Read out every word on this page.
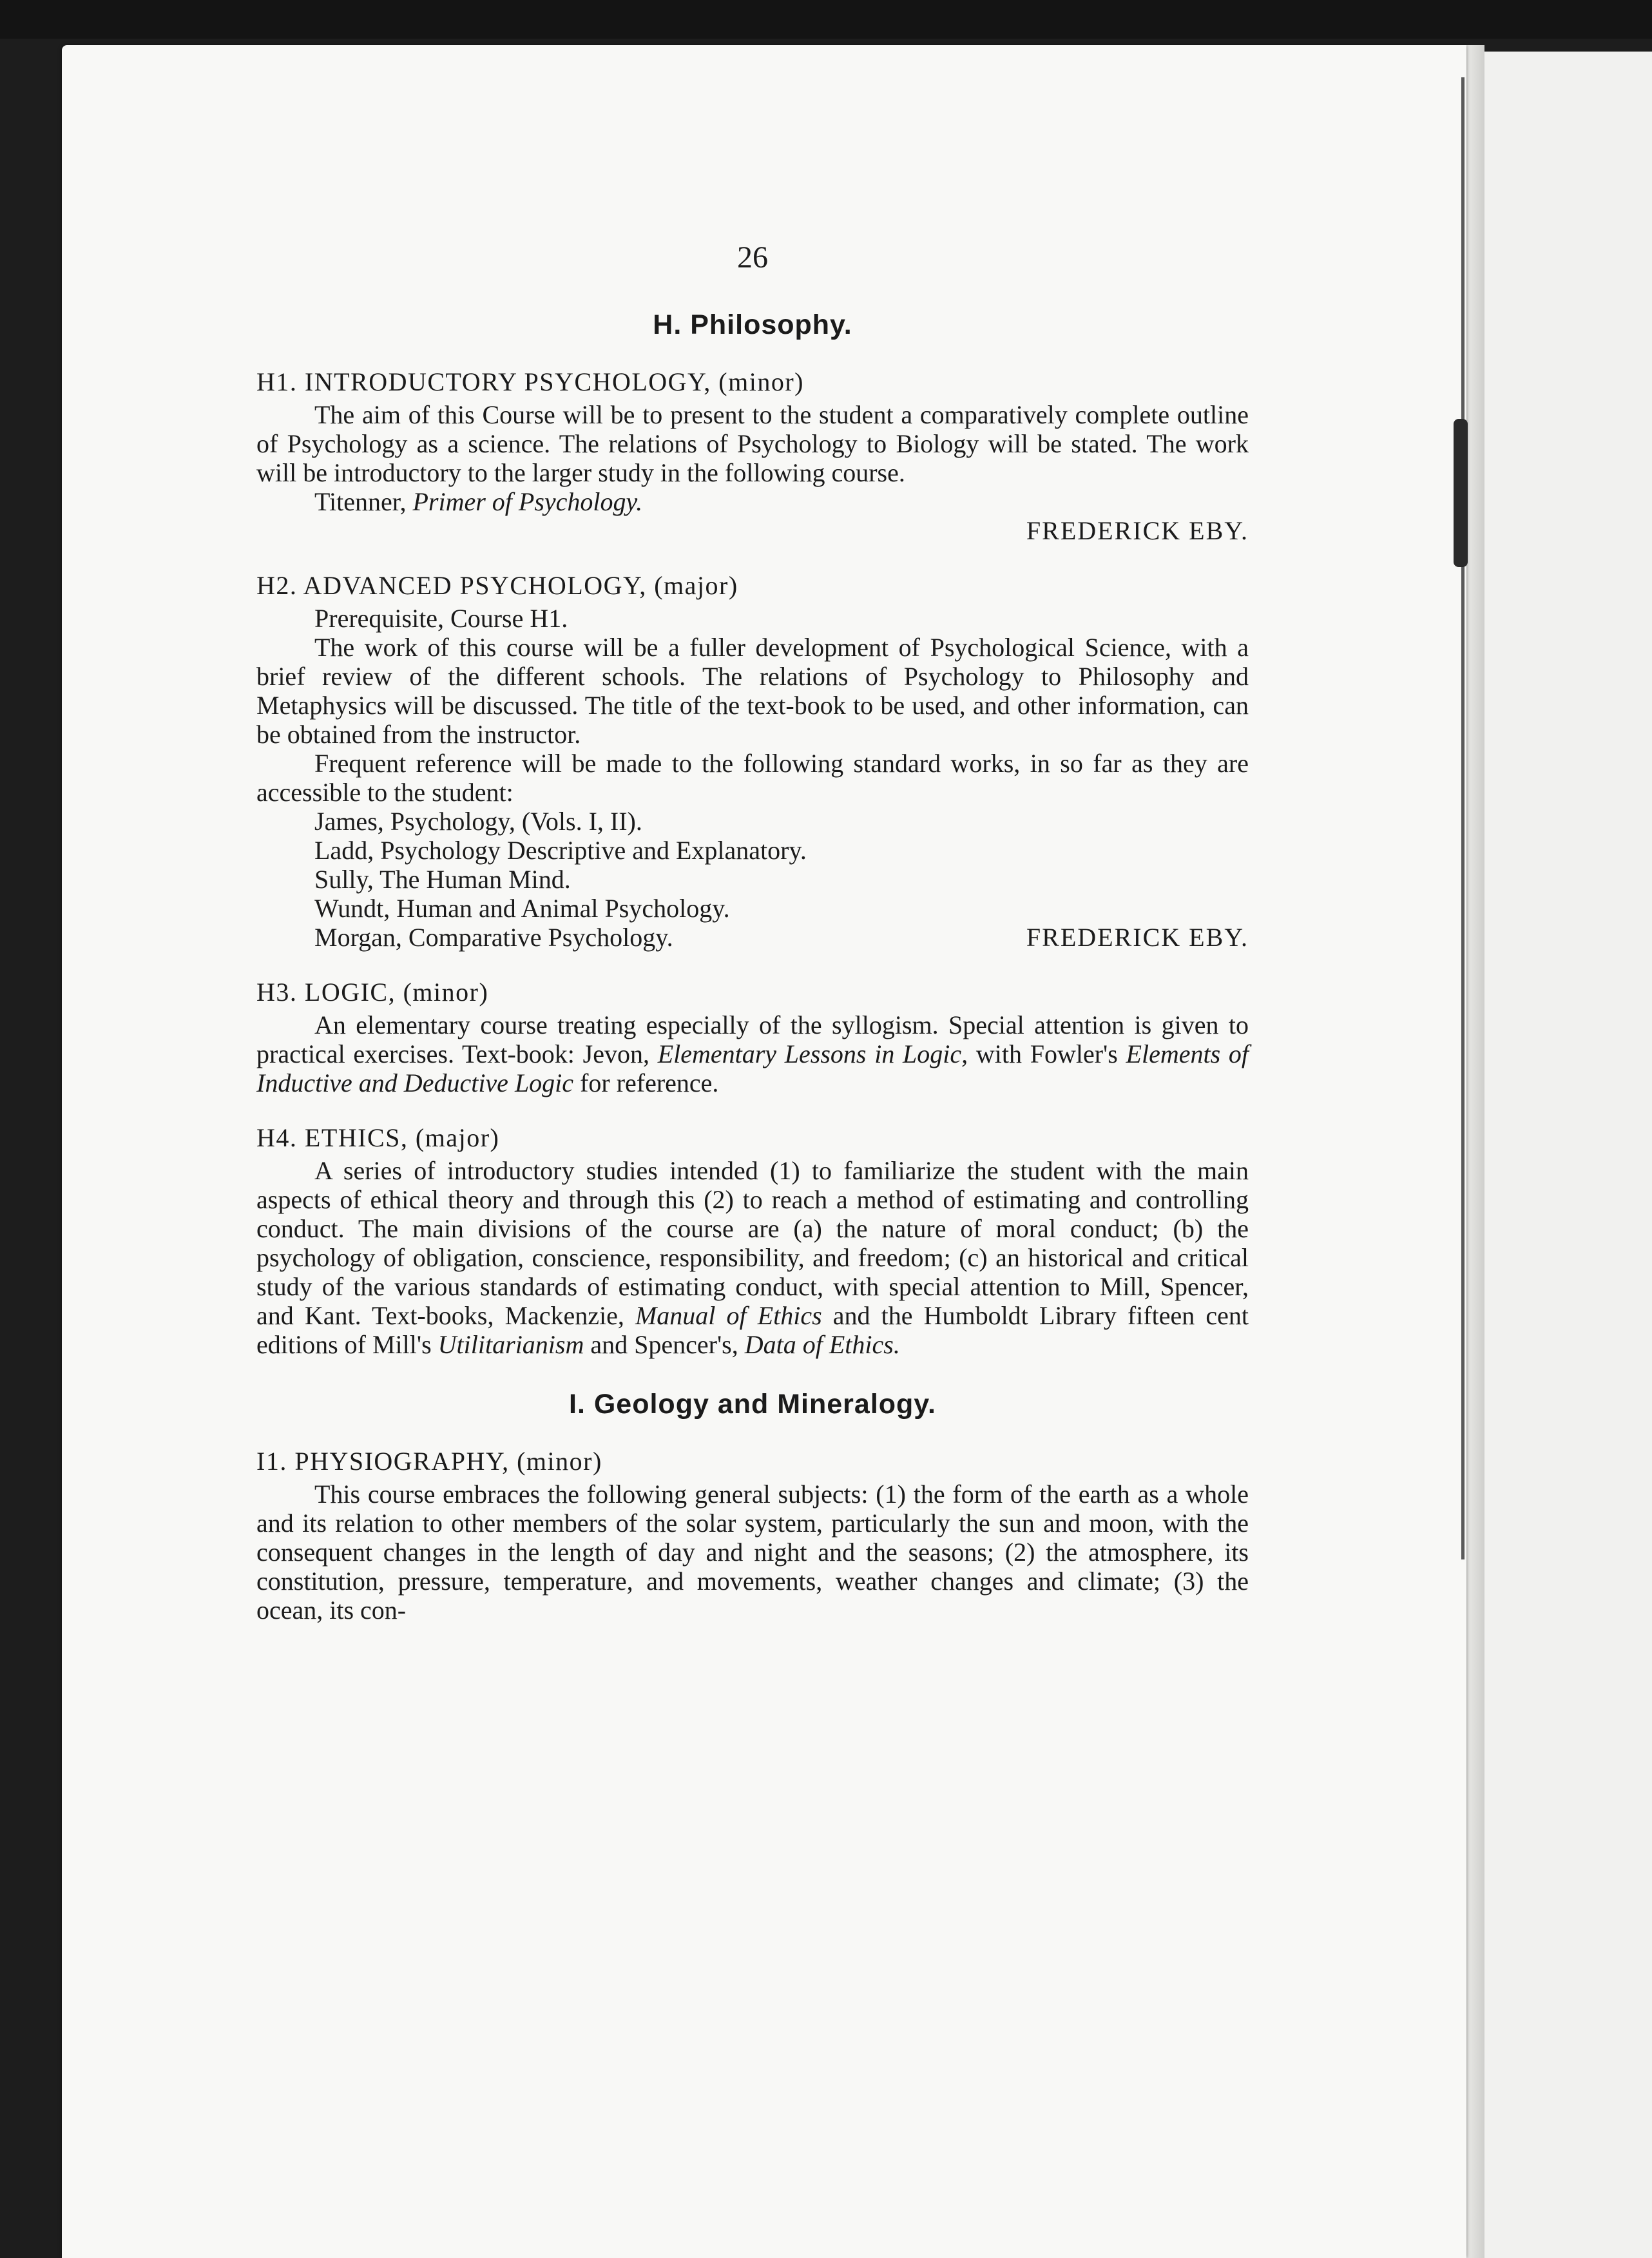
26
H. Philosophy.

H1. INTRODUCTORY PSYCHOLOGY, (minor)

The aim of this Course will be to present to the student a comparatively complete outline of Psychology as a science. The relations of Psychology to Biology will be stated. The work will be introductory to the larger study in the following course.

Titenner, Primer of Psychology.

FREDERICK EBY.

H2. ADVANCED PSYCHOLOGY, (major)

Prerequisite, Course H1.

The work of this course will be a fuller development of Psychological Science, with a brief review of the different schools. The relations of Psychology to Philosophy and Metaphysics will be discussed. The title of the text-book to be used, and other information, can be obtained from the instructor.

Frequent reference will be made to the following standard works, in so far as they are accessible to the student:

James, Psychology, (Vols. I, II).

Ladd, Psychology Descriptive and Explanatory.

Sully, The Human Mind.

Wundt, Human and Animal Psychology.

Morgan, Comparative Psychology.	FREDERICK EBY.

H3. LOGIC, (minor)

An elementary course treating especially of the syllogism. Special attention is given to practical exercises. Text-book: Jevon, Elementary Lessons in Logic, with Fowler's Elements of Inductive and Deductive Logic for reference.

H4. ETHICS, (major)

A series of introductory studies intended (1) to familiarize the student with the main aspects of ethical theory and through this (2) to reach a method of estimating and controlling conduct. The main divisions of the course are (a) the nature of moral conduct; (b) the psychology of obligation, conscience, responsibility, and freedom; (c) an historical and critical study of the various standards of estimating conduct, with special attention to Mill, Spencer, and Kant. Text-books, Mackenzie, Manual of Ethics and the Humboldt Library fifteen cent editions of Mill's Utilitarianism and Spencer's, Data of Ethics.

I. Geology and Mineralogy.

I1. PHYSIOGRAPHY, (minor)

This course embraces the following general subjects: (1) the form of the earth as a whole and its relation to other members of the solar system, particularly the sun and moon, with the consequent changes in the length of day and night and the seasons; (2) the atmosphere, its constitution, pressure, temperature, and movements, weather changes and climate; (3) the ocean, its con-
